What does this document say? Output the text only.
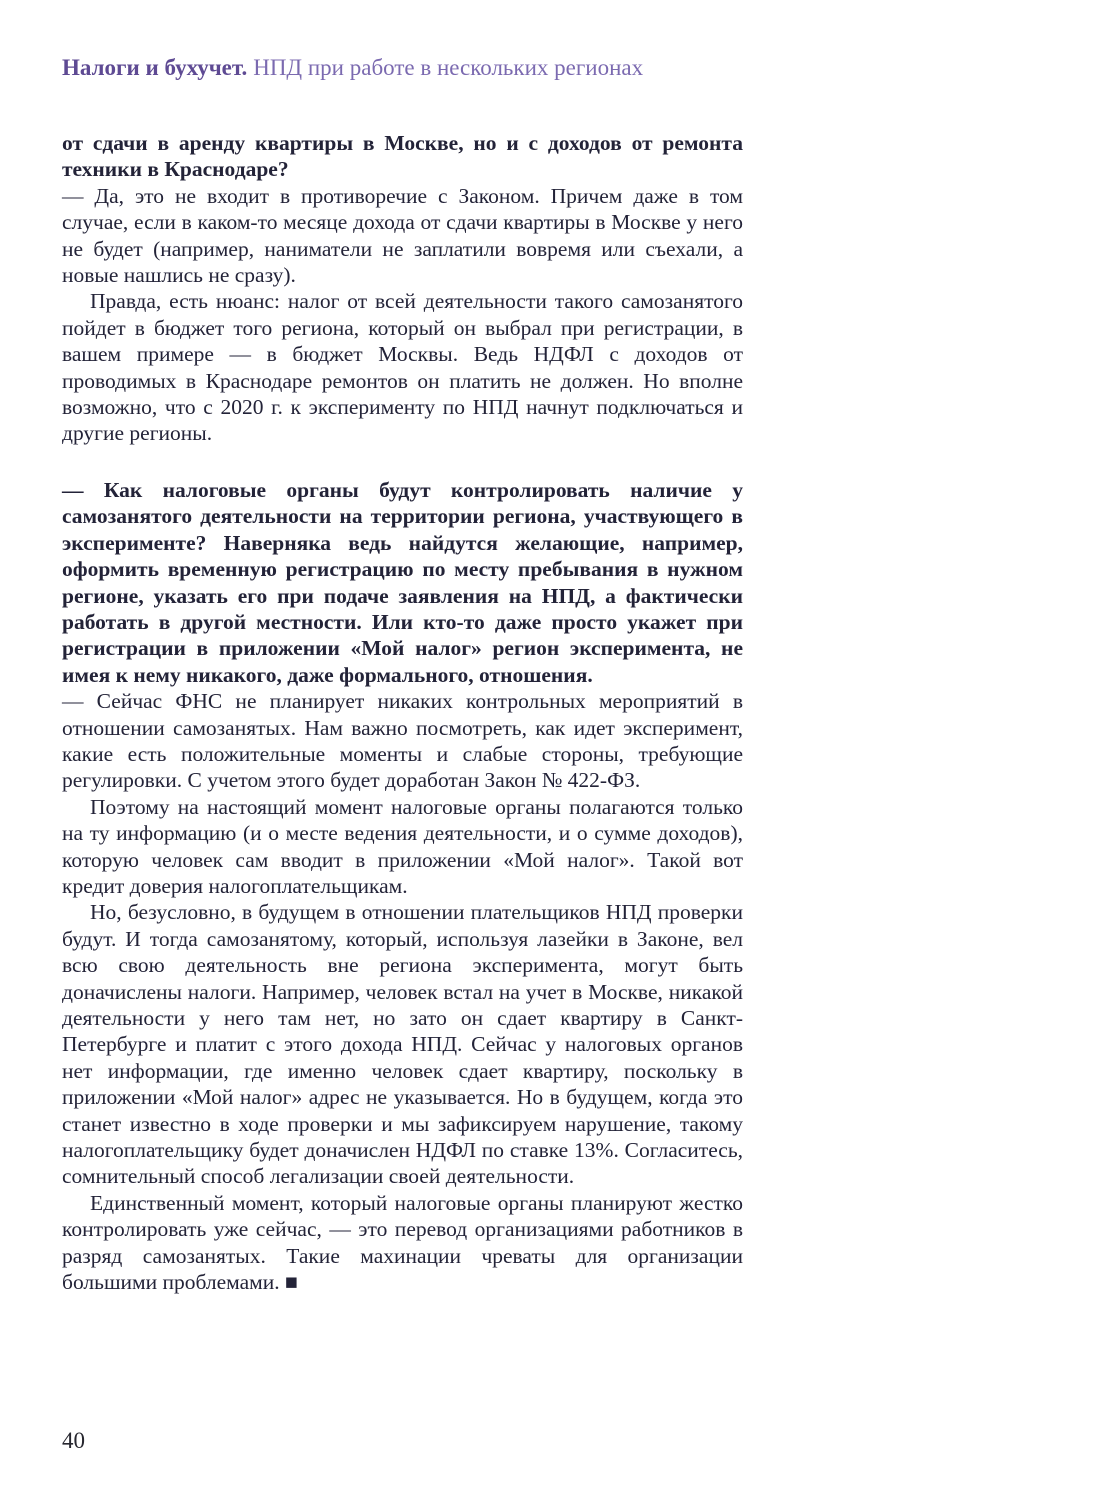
Налоги и бухучет. НПД при работе в нескольких регионах

от сдачи в аренду квартиры в Москве, но и с доходов от ремонта техники в Краснодаре?

— Да, это не входит в противоречие с Законом. Причем даже в том случае, если в каком-то месяце дохода от сдачи квартиры в Москве у него не будет (например, наниматели не заплатили вовремя или съехали, а новые нашлись не сразу).

Правда, есть нюанс: налог от всей деятельности такого самозанятого пойдет в бюджет того региона, который он выбрал при регистрации, в вашем примере — в бюджет Москвы. Ведь НДФЛ с доходов от проводимых в Краснодаре ремонтов он платить не должен. Но вполне возможно, что с 2020 г. к эксперименту по НПД начнут подключаться и другие регионы.

— Как налоговые органы будут контролировать наличие у самозанятого деятельности на территории региона, участвующего в эксперименте? Наверняка ведь найдутся желающие, например, оформить временную регистрацию по месту пребывания в нужном регионе, указать его при подаче заявления на НПД, а фактически работать в другой местности. Или кто-то даже просто укажет при регистрации в приложении «Мой налог» регион эксперимента, не имея к нему никакого, даже формального, отношения.

— Сейчас ФНС не планирует никаких контрольных мероприятий в отношении самозанятых. Нам важно посмотреть, как идет эксперимент, какие есть положительные моменты и слабые стороны, требующие регулировки. С учетом этого будет доработан Закон № 422-ФЗ.

Поэтому на настоящий момент налоговые органы полагаются только на ту информацию (и о месте ведения деятельности, и о сумме доходов), которую человек сам вводит в приложении «Мой налог». Такой вот кредит доверия налогоплательщикам.

Но, безусловно, в будущем в отношении плательщиков НПД проверки будут. И тогда самозанятому, который, используя лазейки в Законе, вел всю свою деятельность вне региона эксперимента, могут быть доначислены налоги. Например, человек встал на учет в Москве, никакой деятельности у него там нет, но зато он сдает квартиру в Санкт-Петербурге и платит с этого дохода НПД. Сейчас у налоговых органов нет информации, где именно человек сдает квартиру, поскольку в приложении «Мой налог» адрес не указывается. Но в будущем, когда это станет известно в ходе проверки и мы зафиксируем нарушение, такому налогоплательщику будет доначислен НДФЛ по ставке 13%. Согласитесь, сомнительный способ легализации своей деятельности.

Единственный момент, который налоговые органы планируют жестко контролировать уже сейчас, — это перевод организациями работников в разряд самозанятых. Такие махинации чреваты для организации большими проблемами. ■

40
